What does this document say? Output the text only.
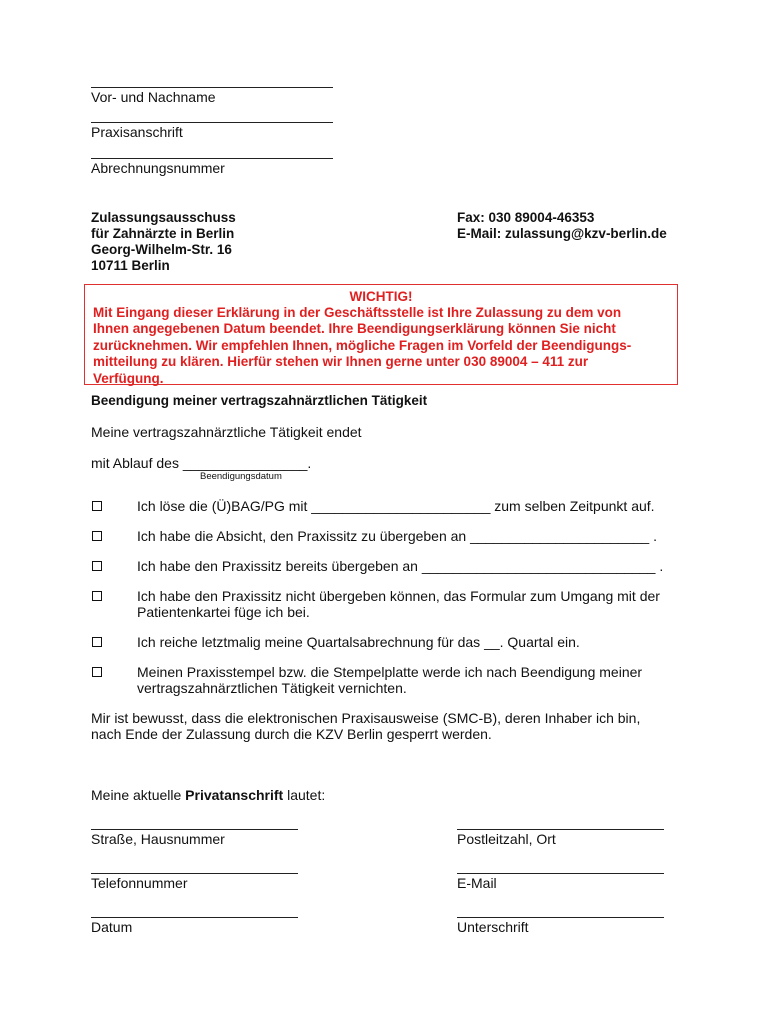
Vor- und Nachname
Praxisanschrift
Abrechnungsnummer
Zulassungsausschuss
für Zahnärzte in Berlin
Georg-Wilhelm-Str. 16
10711 Berlin
Fax: 030 89004-46353
E-Mail: zulassung@kzv-berlin.de
WICHTIG!
Mit Eingang dieser Erklärung in der Geschäftsstelle ist Ihre Zulassung zu dem von
Ihnen angegebenen Datum beendet. Ihre Beendigungserklärung können Sie nicht
zurücknehmen. Wir empfehlen Ihnen, mögliche Fragen im Vorfeld der Beendigungs-
mitteilung zu klären. Hierfür stehen wir Ihnen gerne unter 030 89004 – 411 zur
Verfügung.
Beendigung meiner vertragszahnärztlichen Tätigkeit
Meine vertragszahnärztliche Tätigkeit endet
mit Ablauf des ________________.
Beendigungsdatum
Ich löse die (Ü)BAG/PG mit _______________________ zum selben Zeitpunkt auf.
Ich habe die Absicht, den Praxissitz zu übergeben an _______________________ .
Ich habe den Praxissitz bereits übergeben an ______________________________ .
Ich habe den Praxissitz nicht übergeben können, das Formular zum Umgang mit der
Patientenkartei füge ich bei.
Ich reiche letztmalig meine Quartalsabrechnung für das __. Quartal ein.
Meinen Praxisstempel bzw. die Stempelplatte werde ich nach Beendigung meiner
vertragszahnärztlichen Tätigkeit vernichten.
Mir ist bewusst, dass die elektronischen Praxisausweise (SMC-B), deren Inhaber ich bin,
nach Ende der Zulassung durch die KZV Berlin gesperrt werden.
Meine aktuelle Privatanschrift lautet:
Straße, Hausnummer	Postleitzahl, Ort
Telefonnummer	E-Mail
Datum	Unterschrift
